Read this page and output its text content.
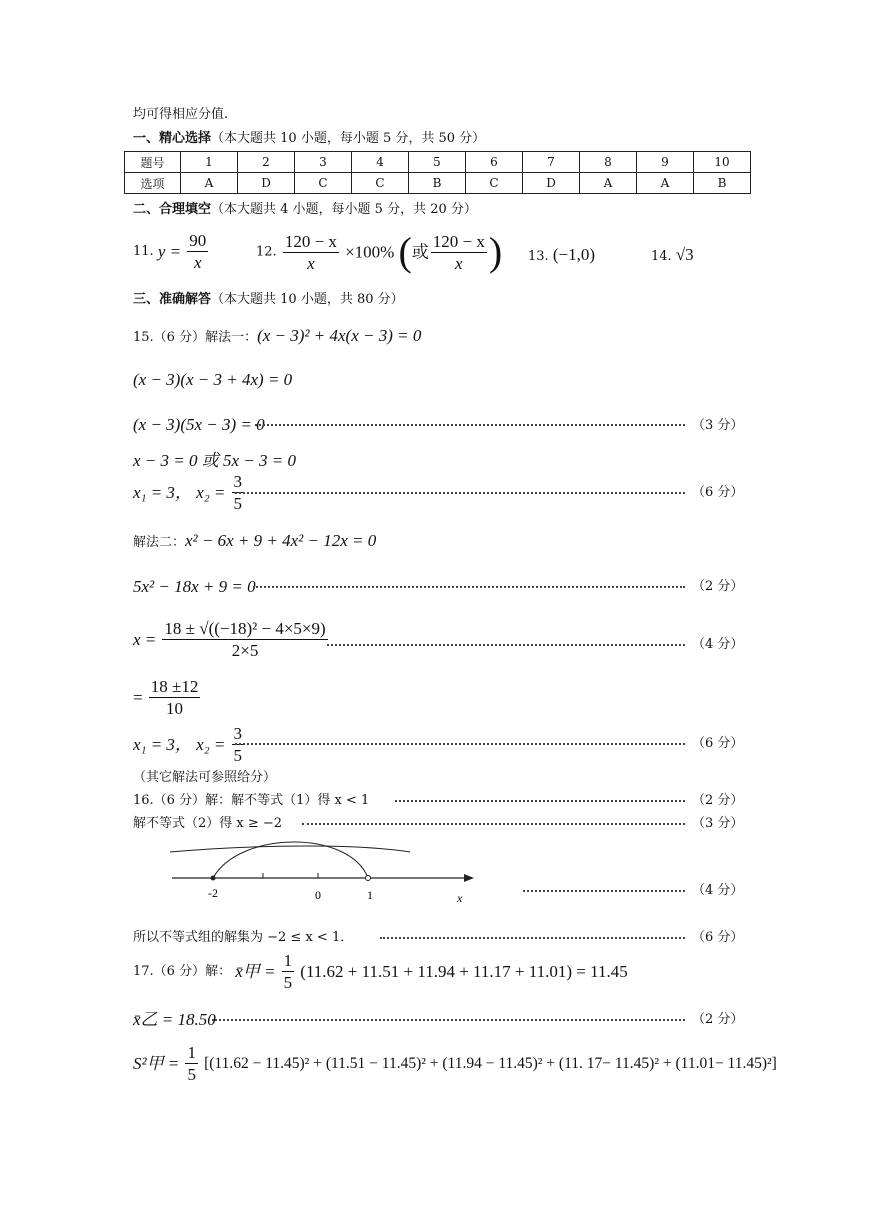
均可得相应分值.
一、精心选择（本大题共 10 小题，每小题 5 分，共 50 分）
题号	1	2	3	4	5	6	7	8	9	10
选项	A	D	C	C	B	C	D	A	A	B
二、合理填空（本大题共 4 小题，每小题 5 分，共 20 分）
11. $y = \frac{90}{x}$	12. $\frac{120 - x}{x} \times 100\%$ (或 $\frac{120 - x}{x}$ ) 13. (−1,0)	14. √3
三、准确解答（本大题共 10 小题，共 80 分）
15.（6 分）解法一：(x − 3)² + 4x(x − 3) = 0
(x − 3)(x − 3 + 4x) = 0
(x − 3)(5x − 3) = 0	（3 分）
x − 3 = 0 或 5x − 3 = 0
x₁ = 3， $x_2 = \frac{3}{5}$	（6 分）
解法二：x² − 6x + 9 + 4x² − 12x = 0
5x² − 18x + 9 = 0	（2 分）
$x = \frac{\text{18 ± √((−18)² − 4×5×9)}}{2\times 5}$	（4 分）
= $\frac{18 \pm 12}{10}$
x₁ = 3， $x_2 = \frac{3}{5}$	（6 分）
（其它解法可参照给分）
16.（6 分）解：解不等式（1）得 x < 1	（2 分）
解不等式（2）得 x ≥ −2	（3 分）
-2	0	1	x	（4 分）
所以不等式组的解集为 −2 ≤ x < 1．	（6 分）
17.（6 分）解： x̄甲 = $\frac{1}{5} (11.62 + 11.51 + 11.94 + 11.17 + 11.01) = 11.45$
x̄乙 = 18.50	（2 分）
S²甲 = $\frac{1}{5} [(11.62 - 11.45)^2 + (11.51 - 11.45)^2 + (11.94 - 11.45)^2 + (11$. 17− 11.45)² + (11.01− 11.45)²]
